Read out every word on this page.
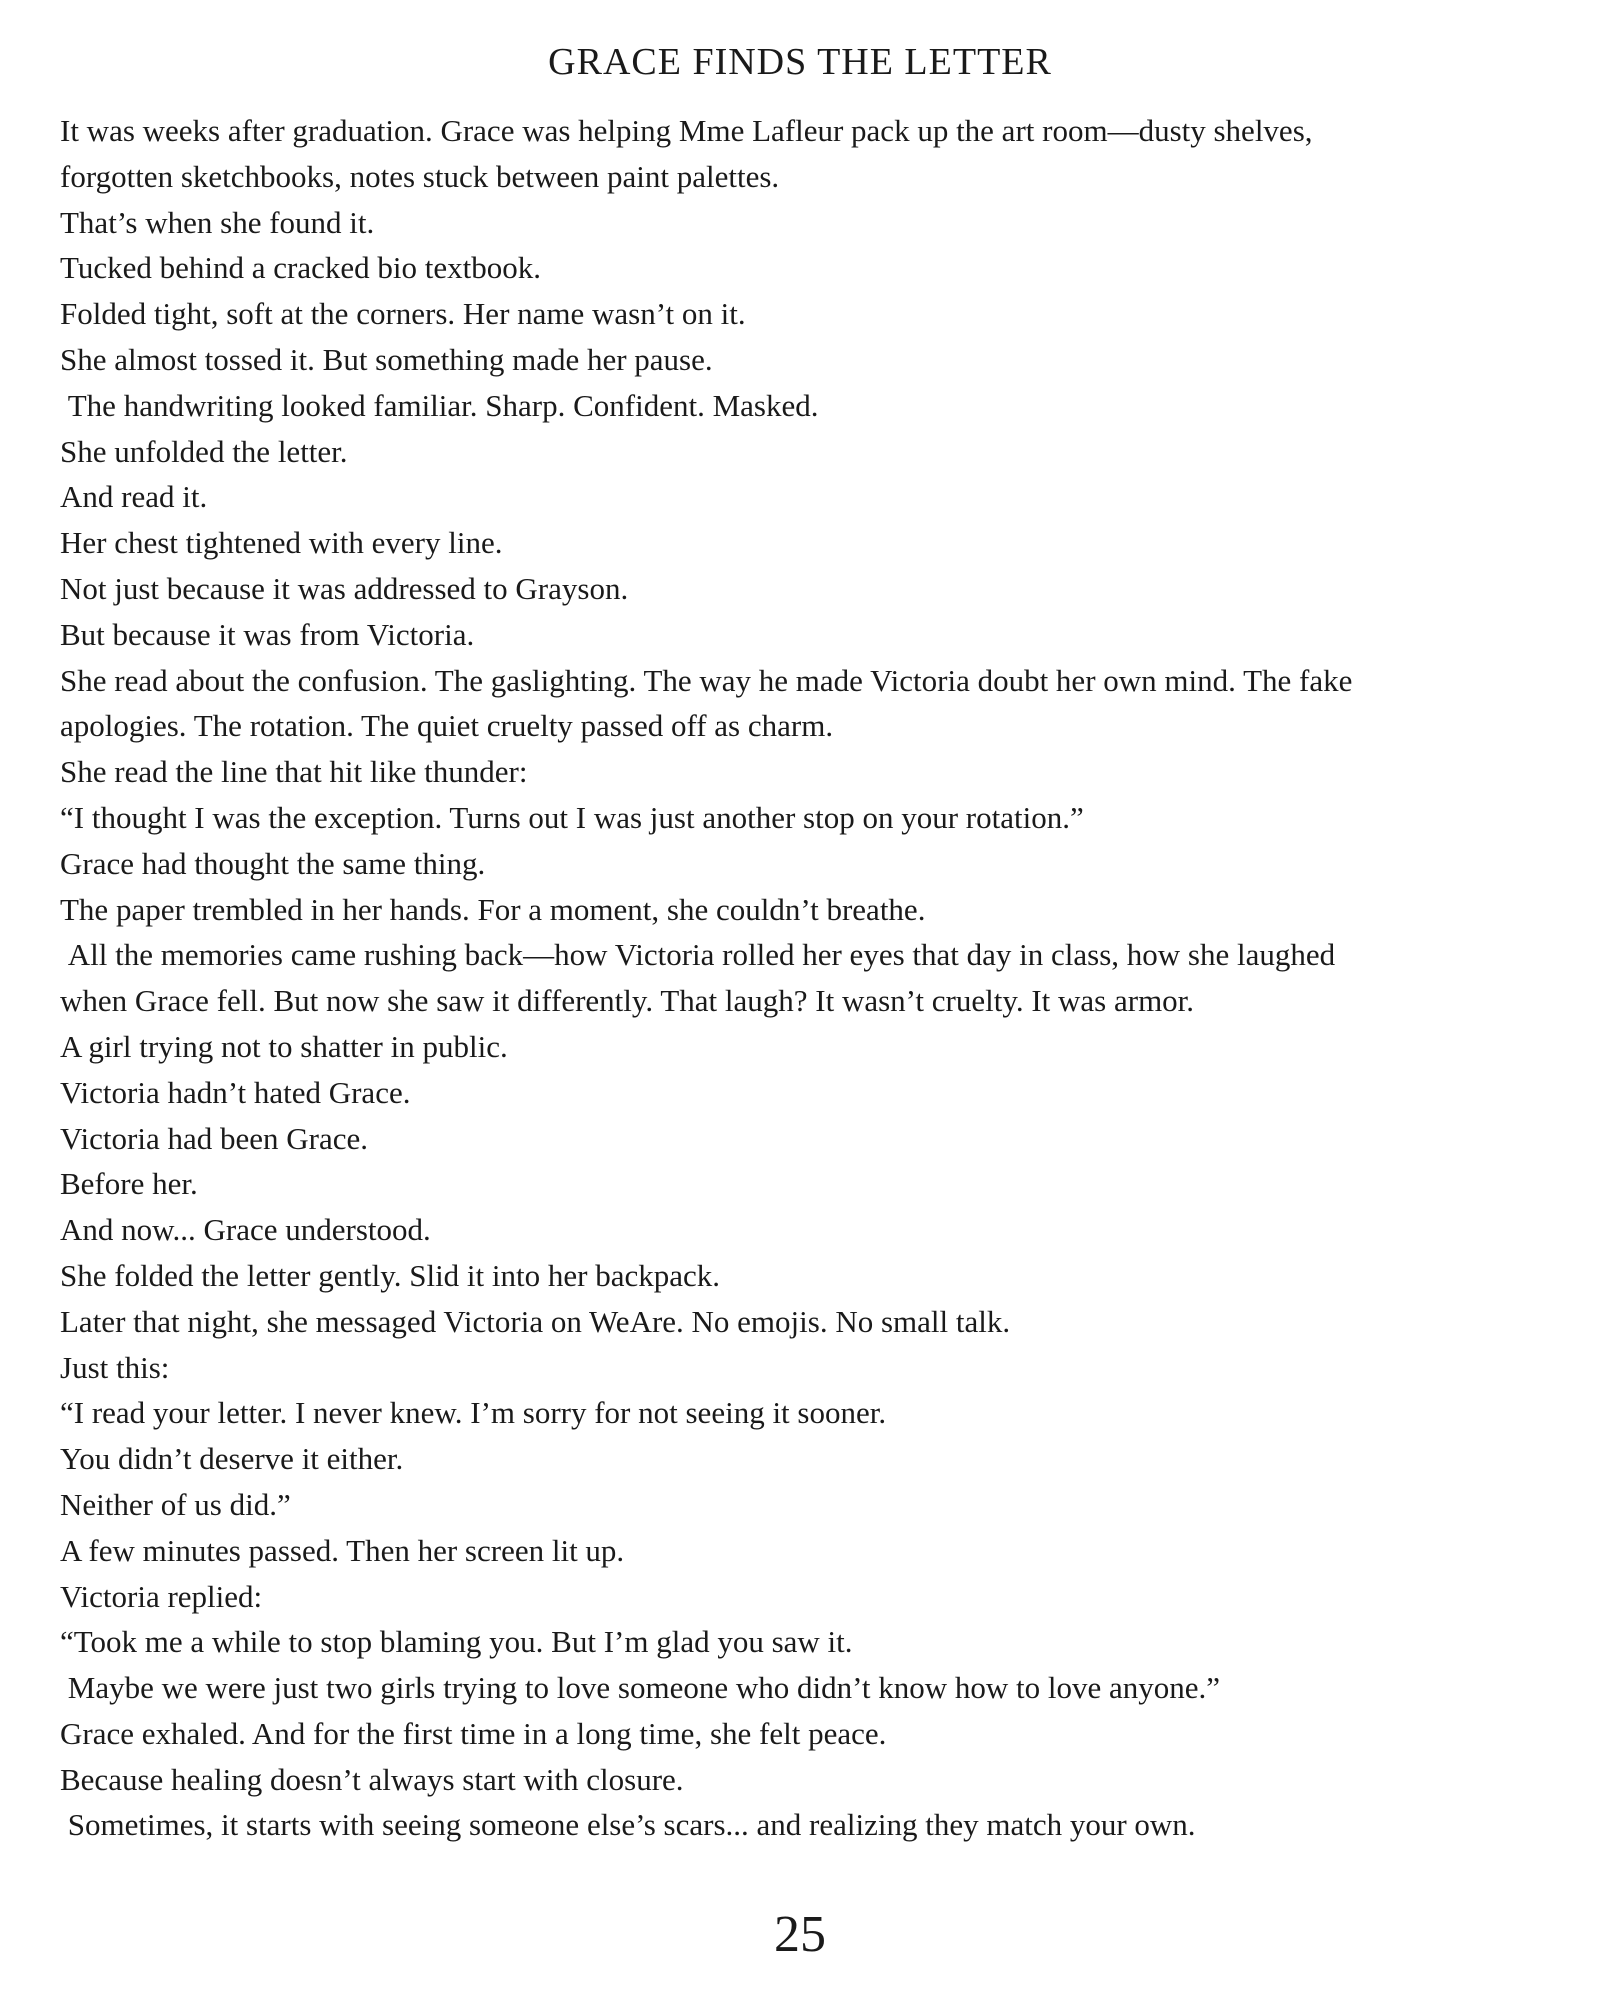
GRACE FINDS THE LETTER

It was weeks after graduation. Grace was helping Mme Lafleur pack up the art room—dusty shelves,

forgotten sketchbooks, notes stuck between paint palettes.

That’s when she found it.

Tucked behind a cracked bio textbook.

Folded tight, soft at the corners. Her name wasn’t on it.

She almost tossed it. But something made her pause.

The handwriting looked familiar. Sharp. Confident. Masked.

She unfolded the letter.

And read it.

Her chest tightened with every line.

Not just because it was addressed to Grayson.

But because it was from Victoria.

She read about the confusion. The gaslighting. The way he made Victoria doubt her own mind. The fake

apologies. The rotation. The quiet cruelty passed off as charm.

She read the line that hit like thunder:

“I thought I was the exception. Turns out I was just another stop on your rotation.”

Grace had thought the same thing.

The paper trembled in her hands. For a moment, she couldn’t breathe.

All the memories came rushing back—how Victoria rolled her eyes that day in class, how she laughed

when Grace fell. But now she saw it differently. That laugh? It wasn’t cruelty. It was armor.

A girl trying not to shatter in public.

Victoria hadn’t hated Grace.

Victoria had been Grace.

Before her.

And now... Grace understood.

She folded the letter gently. Slid it into her backpack.

Later that night, she messaged Victoria on WeAre. No emojis. No small talk.

Just this:

“I read your letter. I never knew. I’m sorry for not seeing it sooner.

You didn’t deserve it either.

Neither of us did.”

A few minutes passed. Then her screen lit up.

Victoria replied:

“Took me a while to stop blaming you. But I’m glad you saw it.

Maybe we were just two girls trying to love someone who didn’t know how to love anyone.”

Grace exhaled. And for the first time in a long time, she felt peace.

Because healing doesn’t always start with closure.

Sometimes, it starts with seeing someone else’s scars... and realizing they match your own.

25
